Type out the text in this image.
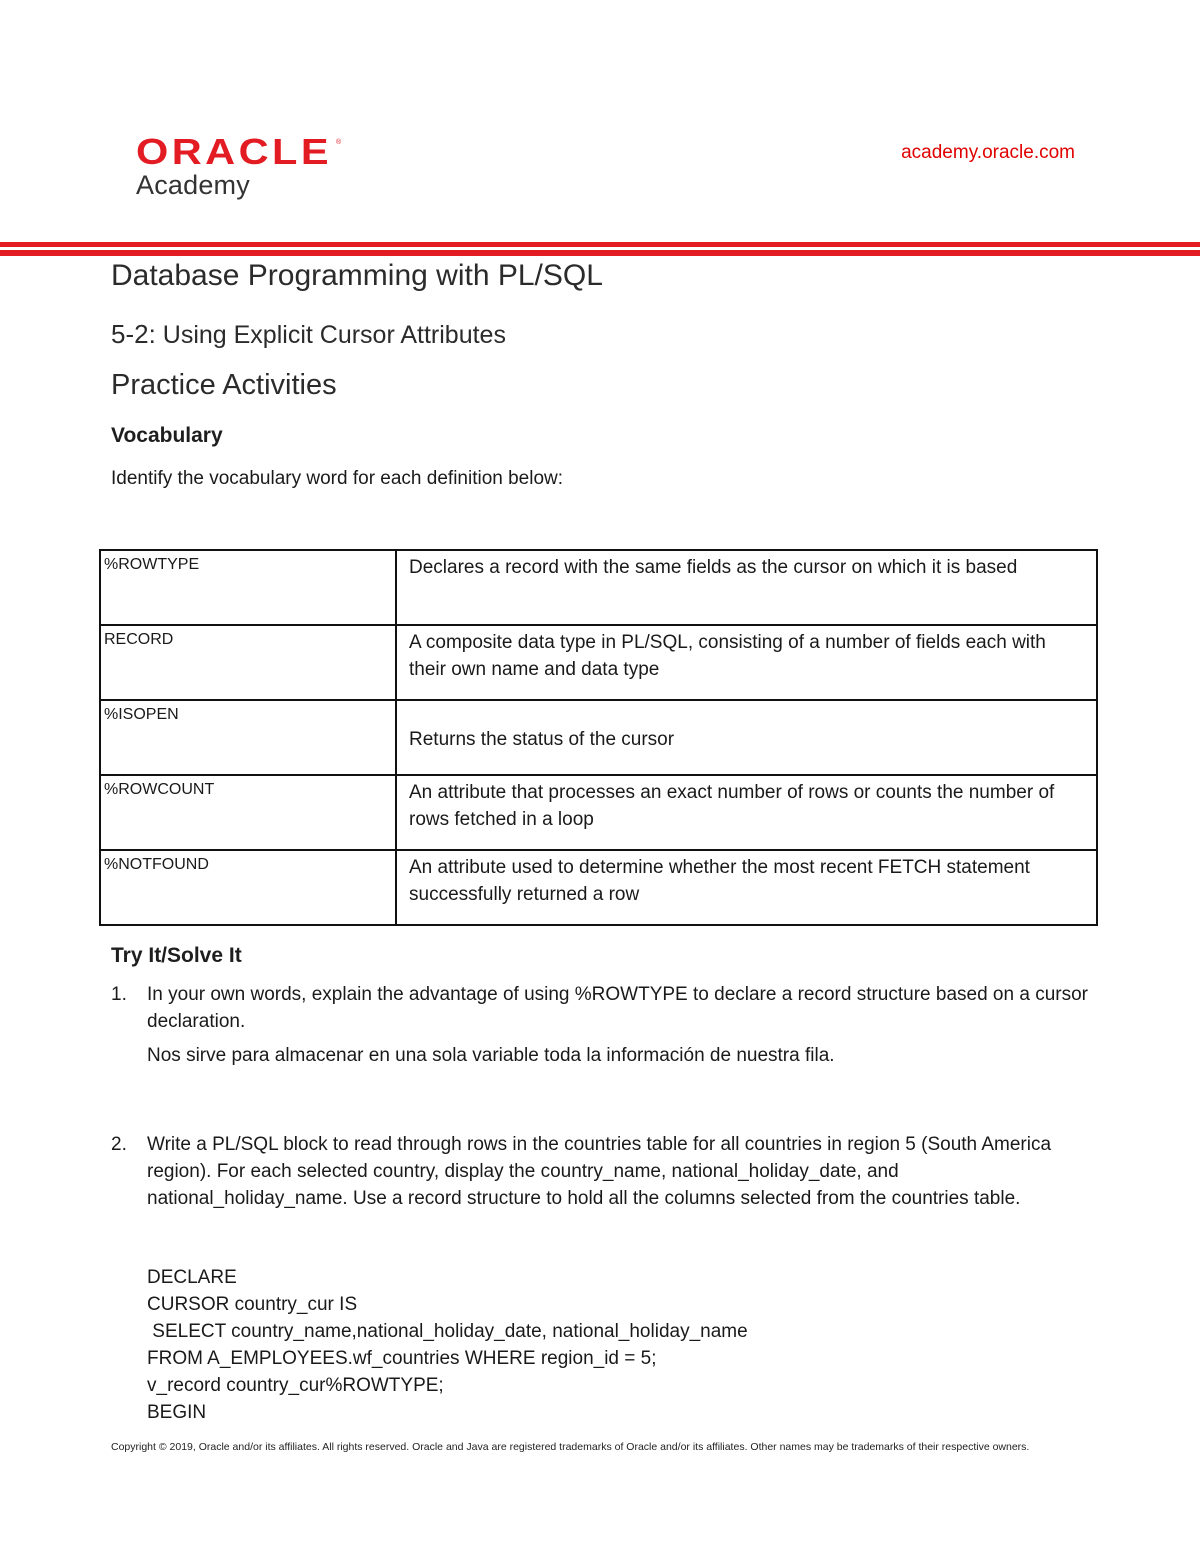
ORACLE ®
Academy
academy.oracle.com
Database Programming with PL/SQL
5-2: Using Explicit Cursor Attributes
Practice Activities
Vocabulary
Identify the vocabulary word for each definition below:
%ROWTYPE	Declares a record with the same fields as the cursor on which it is based
RECORD	A composite data type in PL/SQL, consisting of a number of fields each with their own name and data type
%ISOPEN	Returns the status of the cursor
%ROWCOUNT	An attribute that processes an exact number of rows or counts the number of rows fetched in a loop
%NOTFOUND	An attribute used to determine whether the most recent FETCH statement successfully returned a row
Try It/Solve It
1. In your own words, explain the advantage of using %ROWTYPE to declare a record structure based on a cursor declaration.
Nos sirve para almacenar en una sola variable toda la información de nuestra fila.
2. Write a PL/SQL block to read through rows in the countries table for all countries in region 5 (South America region). For each selected country, display the country_name, national_holiday_date, and national_holiday_name. Use a record structure to hold all the columns selected from the countries table.
DECLARE
CURSOR country_cur IS
SELECT country_name,national_holiday_date, national_holiday_name
FROM A_EMPLOYEES.wf_countries WHERE region_id = 5;
v_record country_cur%ROWTYPE;
BEGIN
Copyright © 2019, Oracle and/or its affiliates. All rights reserved. Oracle and Java are registered trademarks of Oracle and/or its affiliates. Other names may be trademarks of their respective owners.
